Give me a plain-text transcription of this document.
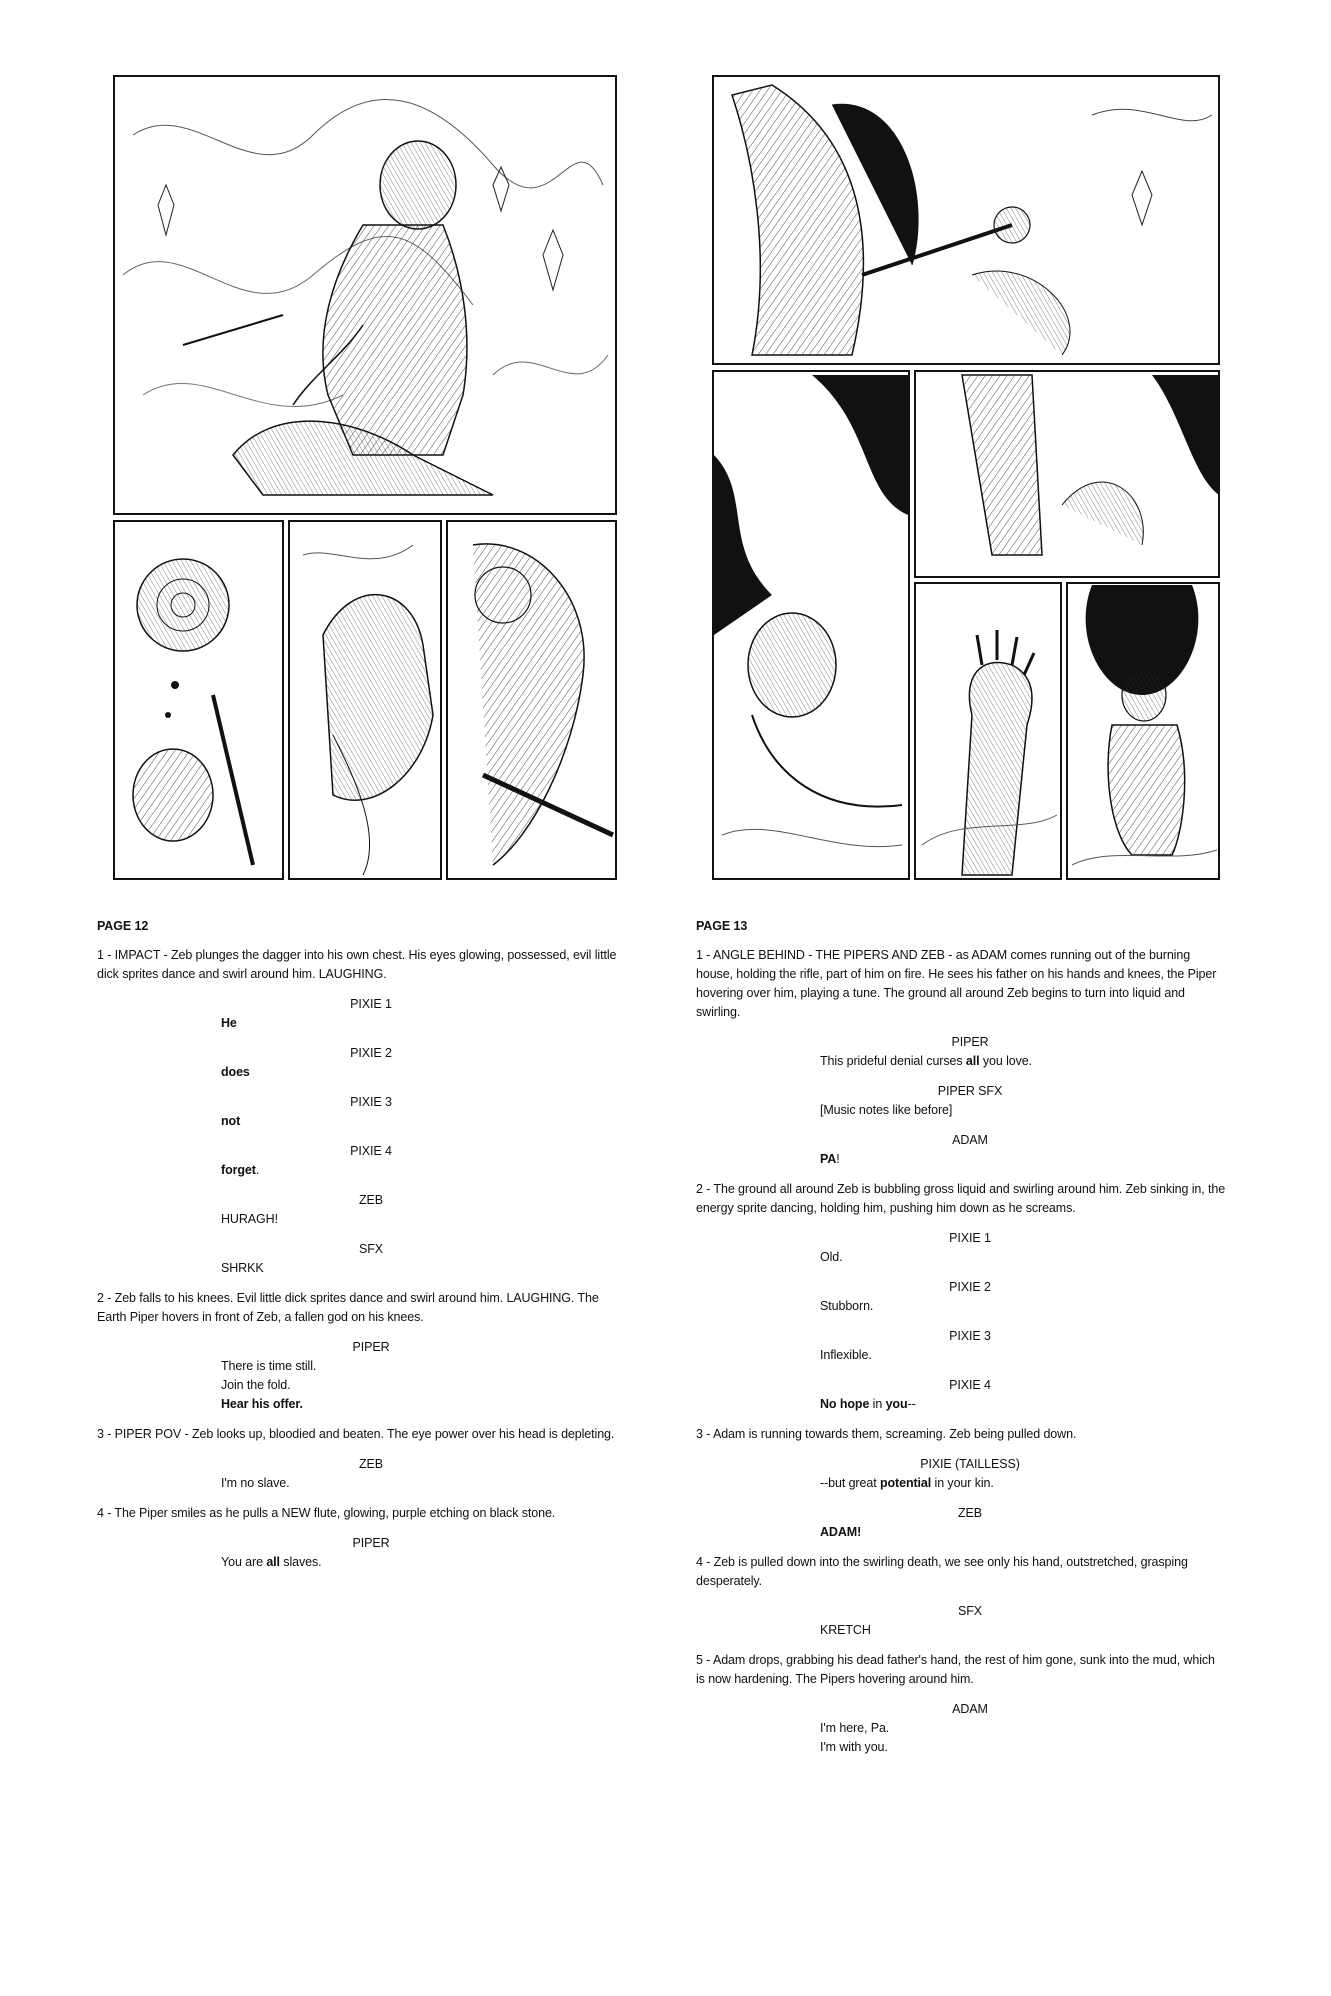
PAGE 12
1 - IMPACT - Zeb plunges the dagger into his own chest. His eyes glowing, possessed, evil little dick sprites dance and swirl around him. LAUGHING.
PIXIE 1
He
PIXIE 2
does
PIXIE 3
not
PIXIE 4
forget.
ZEB
HURAGH!
SFX
SHRKK
2 - Zeb falls to his knees. Evil little dick sprites dance and swirl around him. LAUGHING. The Earth Piper hovers in front of Zeb, a fallen god on his knees.
PIPER
There is time still.
Join the fold.
Hear his offer.
3 - PIPER POV - Zeb looks up, bloodied and beaten. The eye power over his head is depleting.
ZEB
I'm no slave.
4 - The Piper smiles as he pulls a NEW flute, glowing, purple etching on black stone.
PIPER
You are all slaves.
PAGE 13
1 - ANGLE BEHIND - THE PIPERS AND ZEB - as ADAM comes running out of the burning house, holding the rifle, part of him on fire. He sees his father on his hands and knees, the Piper hovering over him, playing a tune. The ground all around Zeb begins to turn into liquid and swirling.
PIPER
This prideful denial curses all you love.
PIPER SFX
[Music notes like before]
ADAM
PA!
2 - The ground all around Zeb is bubbling gross liquid and swirling around him. Zeb sinking in, the energy sprite dancing, holding him, pushing him down as he screams.
PIXIE 1
Old.
PIXIE 2
Stubborn.
PIXIE 3
Inflexible.
PIXIE 4
No hope in you--
3 - Adam is running towards them, screaming. Zeb being pulled down.
PIXIE (TAILLESS)
--but great potential in your kin.
ZEB
ADAM!
4 - Zeb is pulled down into the swirling death, we see only his hand, outstretched, grasping desperately.
SFX
KRETCH
5 - Adam drops, grabbing his dead father's hand, the rest of him gone, sunk into the mud, which is now hardening. The Pipers hovering around him.
ADAM
I'm here, Pa.
I'm with you.
